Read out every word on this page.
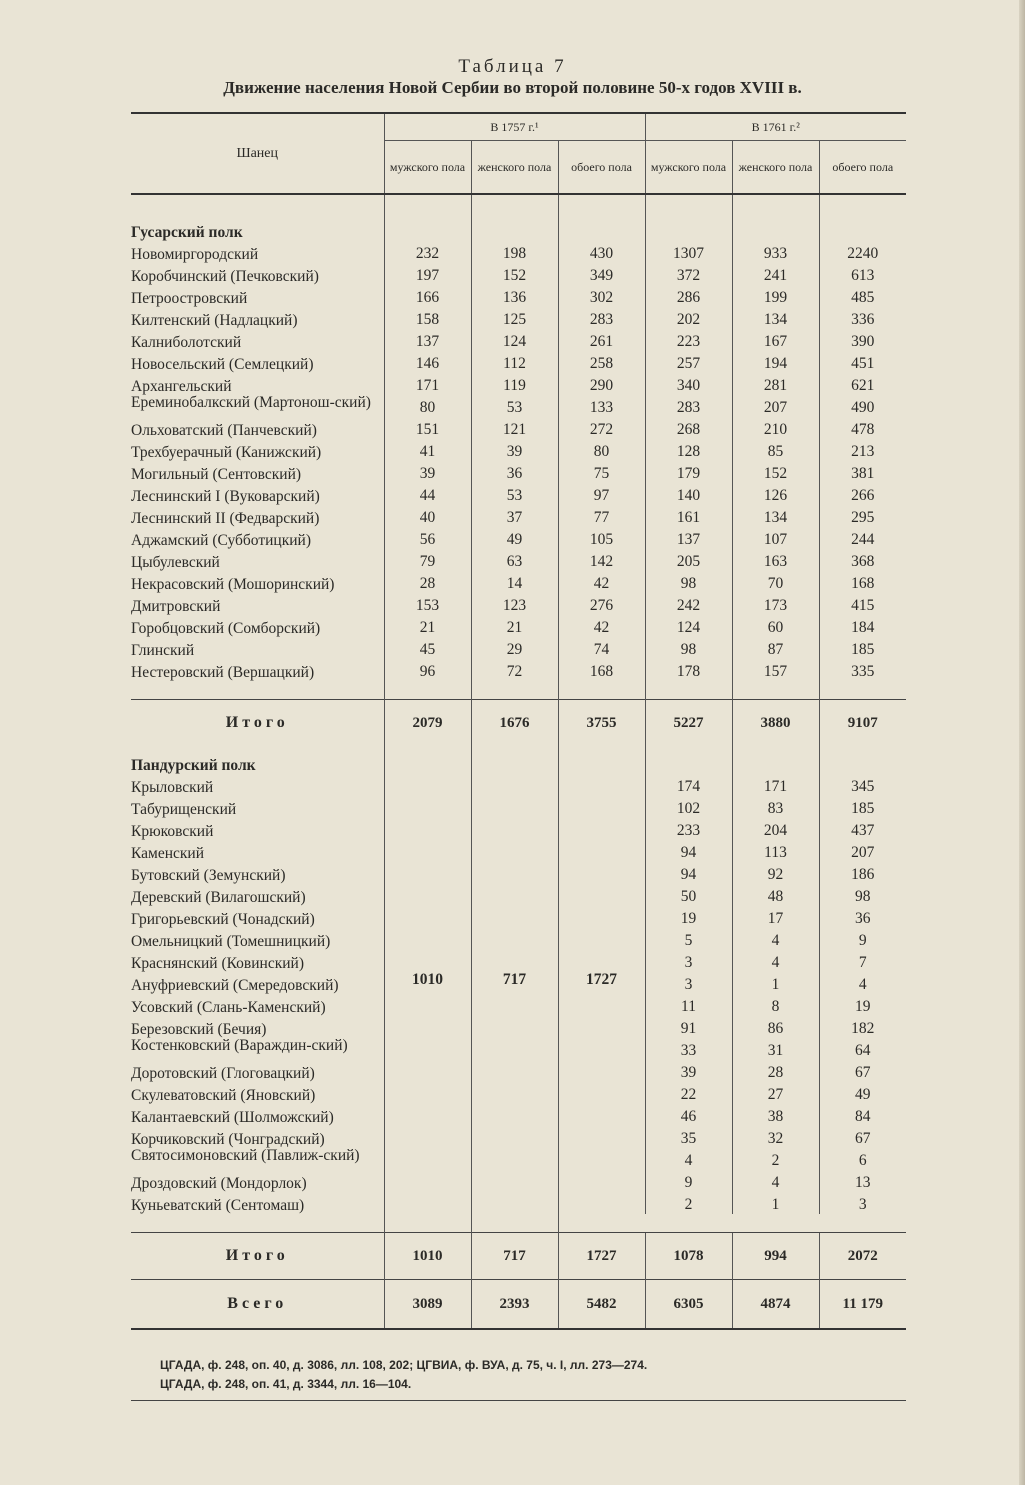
Таблица 7
Движение населения Новой Сербии во второй половине 50-х годов XVIII в.
Шанец	В 1757 г.¹			В 1761 г.²		
	мужского пола	женского пола	обоего пола	мужского пола	женского пола	обоего пола

Гусарский полк						
Новомиргородский	232	198	430	1307	933	2240
Коробчинский (Печковский)	197	152	349	372	241	613
Петроостровский	166	136	302	286	199	485
Килтенский (Надлацкий)	158	125	283	202	134	336
Калниболотский	137	124	261	223	167	390
Новосельский (Семлецкий)	146	112	258	257	194	451
Архангельский	171	119	290	340	281	621
Ереминобалкский (Мартонош-ский)	80	53	133	283	207	490
Ольховатский (Панчевский)	151	121	272	268	210	478
Трехбуерачный (Канижский)	41	39	80	128	85	213
Могильный (Сентовский)	39	36	75	179	152	381
Леснинский I (Вуковарский)	44	53	97	140	126	266
Леснинский II (Федварский)	40	37	77	161	134	295
Аджамский (Субботицкий)	56	49	105	137	107	244
Цыбулевский	79	63	142	205	163	368
Некрасовский (Мошоринский)	28	14	42	98	70	168
Дмитровский	153	123	276	242	173	415
Горобцовский (Сомборский)	21	21	42	124	60	184
Глинский	45	29	74	98	87	185
Нестеровский (Вершацкий)	96	72	168	178	157	335

Итого	2079	1676	3755	5227	3880	9107
Пандурский полк	1010	717	1727			
Крыловский				174	171	345
Табурищенский				102	83	185
Крюковский				233	204	437
Каменский				94	113	207
Бутовский (Земунский)				94	92	186
Деревский (Вилагошский)				50	48	98
Григорьевский (Чонадский)				19	17	36
Омельницкий (Томешницкий)				5	4	9
Краснянский (Ковинский)				3	4	7
Ануфриевский (Смередовский)				3	1	4
Усовский (Слань-Каменский)				11	8	19
Березовский (Бечия)				91	86	182
Костенковский (Вараждин-ский)				33	31	64
Доротовский (Глоговацкий)				39	28	67
Скулеватовский (Яновский)				22	27	49
Калантаевский (Шолможский)				46	38	84
Корчиковский (Чонградский)				35	32	67
Святосимоновский (Павлиж-ский)				4	2	6
Дроздовский (Мондорлок)				9	4	13
Куньеватский (Сентомаш)				2	1	3

Итого	1010	717	1727	1078	994	2072
Всего	3089	2393	5482	6305	4874	11 179
ЦГАДА, ф. 248, оп. 40, д. 3086, лл. 108, 202; ЦГВИА, ф. ВУА, д. 75, ч. I, лл. 273—274.
ЦГАДА, ф. 248, оп. 41, д. 3344, лл. 16—104.
